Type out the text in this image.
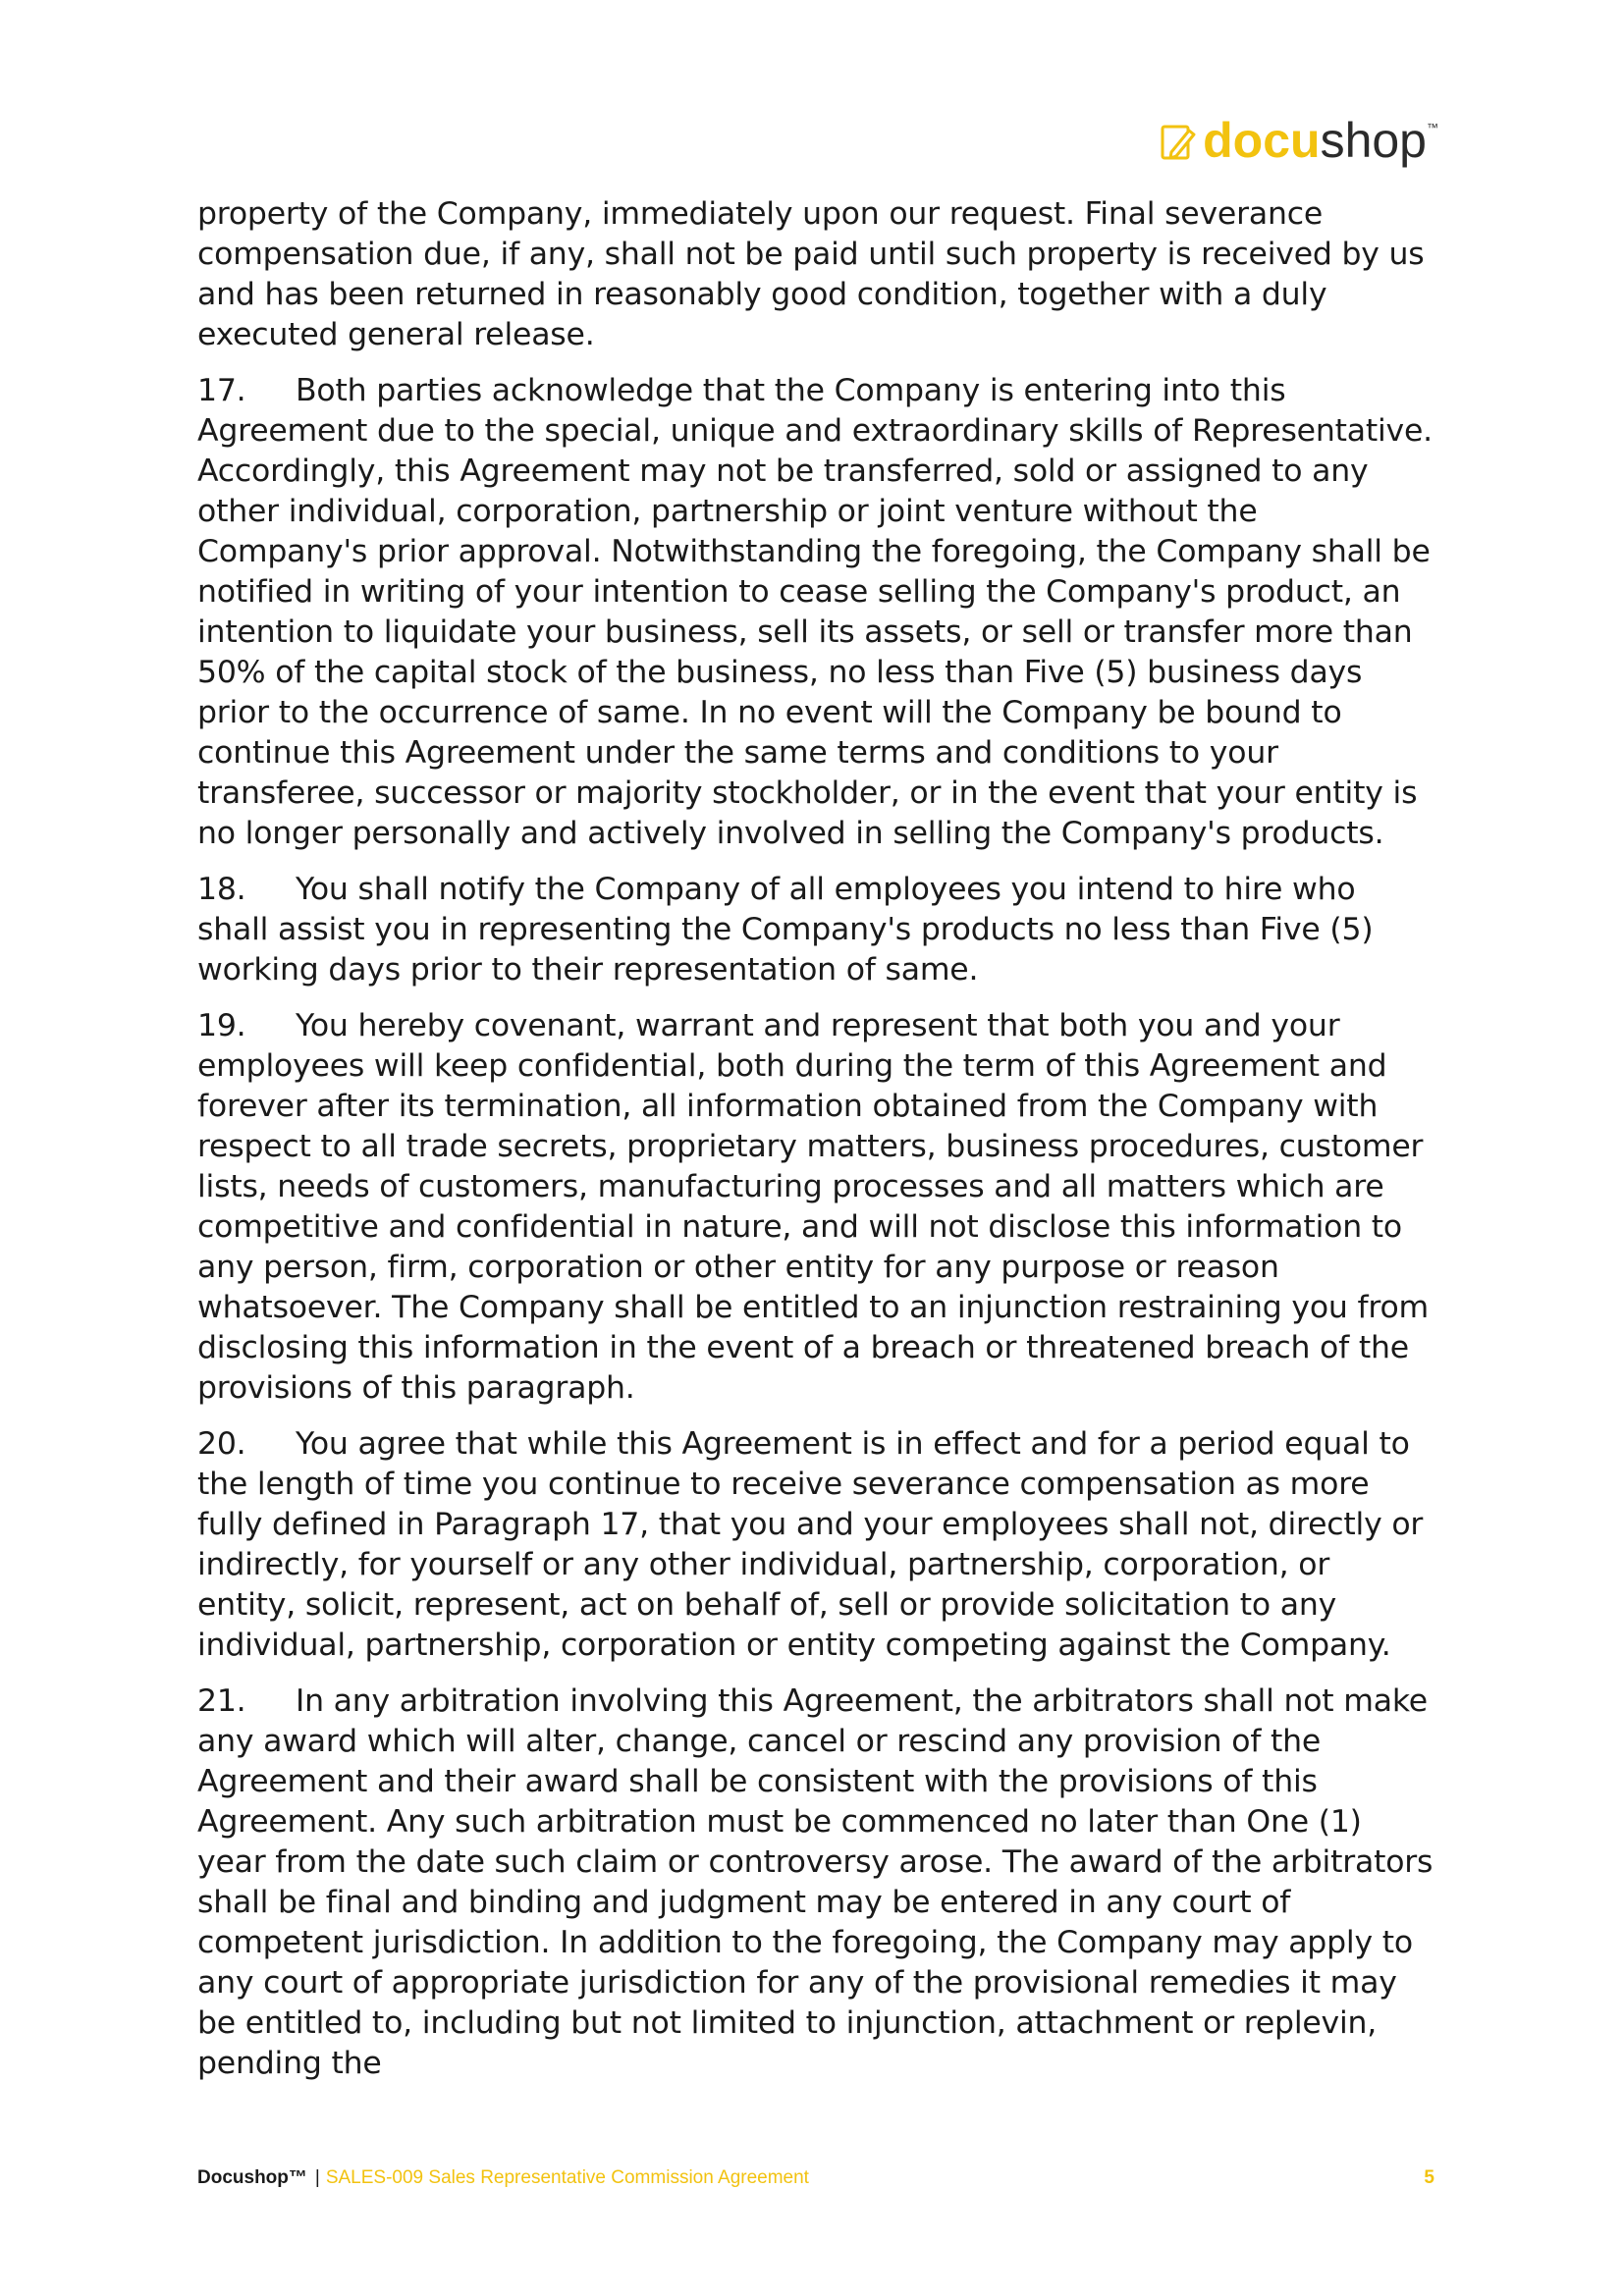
docu shop ™

property of the Company, immediately upon our request. Final severance compensation due, if any, shall not be paid until such property is received by us and has been returned in reasonably good condition, together with a duly executed general release.

17. Both parties acknowledge that the Company is entering into this Agreement due to the special, unique and extraordinary skills of Representative. Accordingly, this Agreement may not be transferred, sold or assigned to any other individual, corporation, partnership or joint venture without the Company's prior approval. Notwithstanding the foregoing, the Company shall be notified in writing of your intention to cease selling the Company's product, an intention to liquidate your business, sell its assets, or sell or transfer more than 50% of the capital stock of the business, no less than Five (5) business days prior to the occurrence of same. In no event will the Company be bound to continue this Agreement under the same terms and conditions to your transferee, successor or majority stockholder, or in the event that your entity is no longer personally and actively involved in selling the Company's products.

18. You shall notify the Company of all employees you intend to hire who shall assist you in representing the Company's products no less than Five (5) working days prior to their representation of same.

19. You hereby covenant, warrant and represent that both you and your employees will keep confidential, both during the term of this Agreement and forever after its termination, all information obtained from the Company with respect to all trade secrets, proprietary matters, business procedures, customer lists, needs of customers, manufacturing processes and all matters which are competitive and confidential in nature, and will not disclose this information to any person, firm, corporation or other entity for any purpose or reason whatsoever. The Company shall be entitled to an injunction restraining you from disclosing this information in the event of a breach or threatened breach of the provisions of this paragraph.

20. You agree that while this Agreement is in effect and for a period equal to the length of time you continue to receive severance compensation as more fully defined in Paragraph 17, that you and your employees shall not, directly or indirectly, for yourself or any other individual, partnership, corporation, or entity, solicit, represent, act on behalf of, sell or provide solicitation to any individual, partnership, corporation or entity competing against the Company.

21. In any arbitration involving this Agreement, the arbitrators shall not make any award which will alter, change, cancel or rescind any provision of the Agreement and their award shall be consistent with the provisions of this Agreement. Any such arbitration must be commenced no later than One (1) year from the date such claim or controversy arose. The award of the arbitrators shall be final and binding and judgment may be entered in any court of competent jurisdiction. In addition to the foregoing, the Company may apply to any court of appropriate jurisdiction for any of the provisional remedies it may be entitled to, including but not limited to injunction, attachment or replevin, pending the

Docushop™ | SALES-009 Sales Representative Commission Agreement	5
